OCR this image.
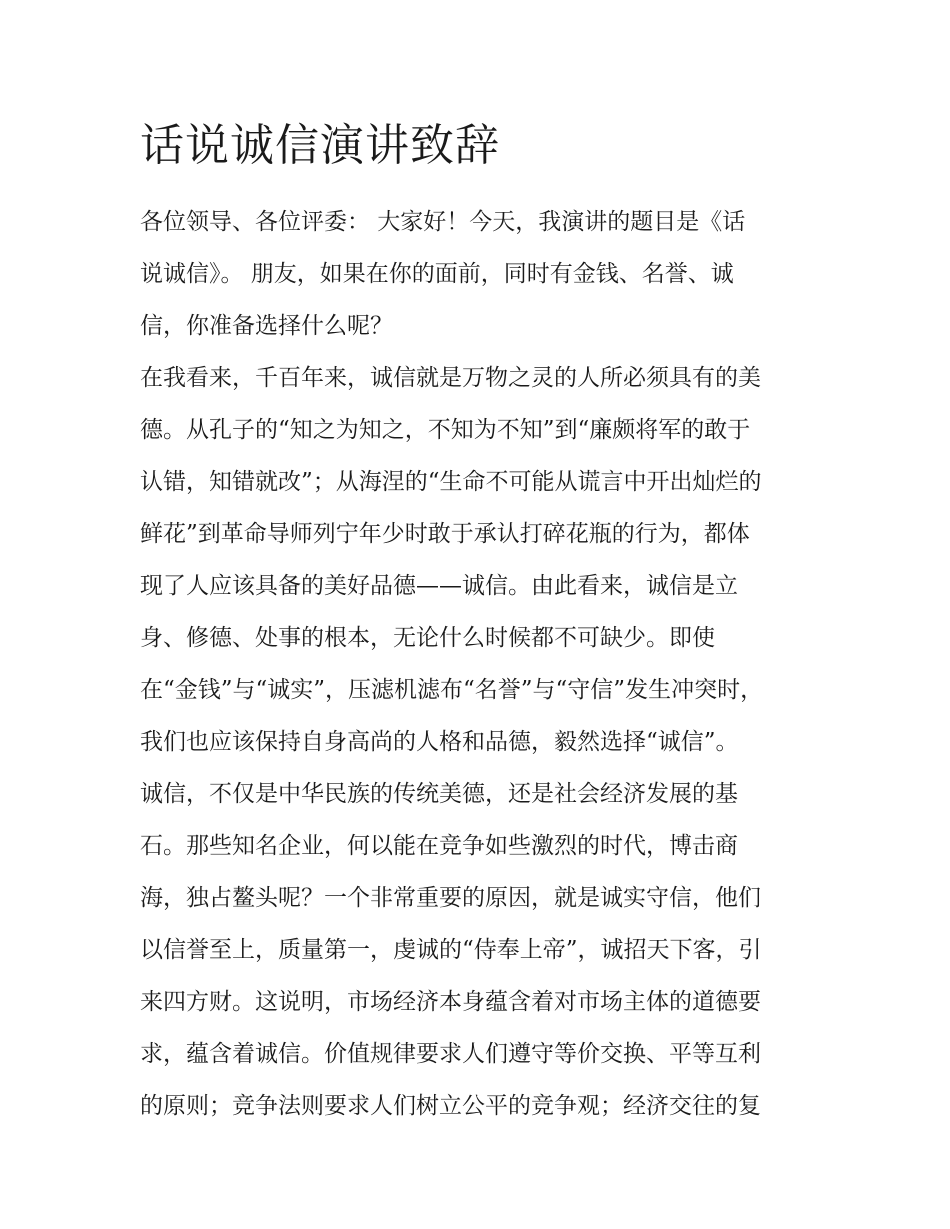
话说诚信演讲致辞
各位领导、各位评委： 大家好！今天，我演讲的题目是《话
说诚信》。 朋友，如果在你的面前，同时有金钱、名誉、诚
信，你准备选择什么呢？
在我看来，千百年来，诚信就是万物之灵的人所必须具有的美
德。从孔子的“知之为知之，不知为不知”到“廉颇将军的敢于
认错，知错就改”；从海涅的“生命不可能从谎言中开出灿烂的
鲜花”到革命导师列宁年少时敢于承认打碎花瓶的行为，都体
现了人应该具备的美好品德——诚信。由此看来，诚信是立
身、修德、处事的根本，无论什么时候都不可缺少。即使
在“金钱”与“诚实”，压滤机滤布“名誉”与“守信”发生冲突时，
我们也应该保持自身高尚的人格和品德，毅然选择“诚信”。
诚信，不仅是中华民族的传统美德，还是社会经济发展的基
石。那些知名企业，何以能在竞争如些激烈的时代，博击商
海，独占鳌头呢？一个非常重要的原因，就是诚实守信，他们
以信誉至上，质量第一，虔诚的“侍奉上帝”，诚招天下客，引
来四方财。这说明，市场经济本身蕴含着对市场主体的道德要
求，蕴含着诚信。价值规律要求人们遵守等价交换、平等互利
的原则；竞争法则要求人们树立公平的竞争观；经济交往的复
